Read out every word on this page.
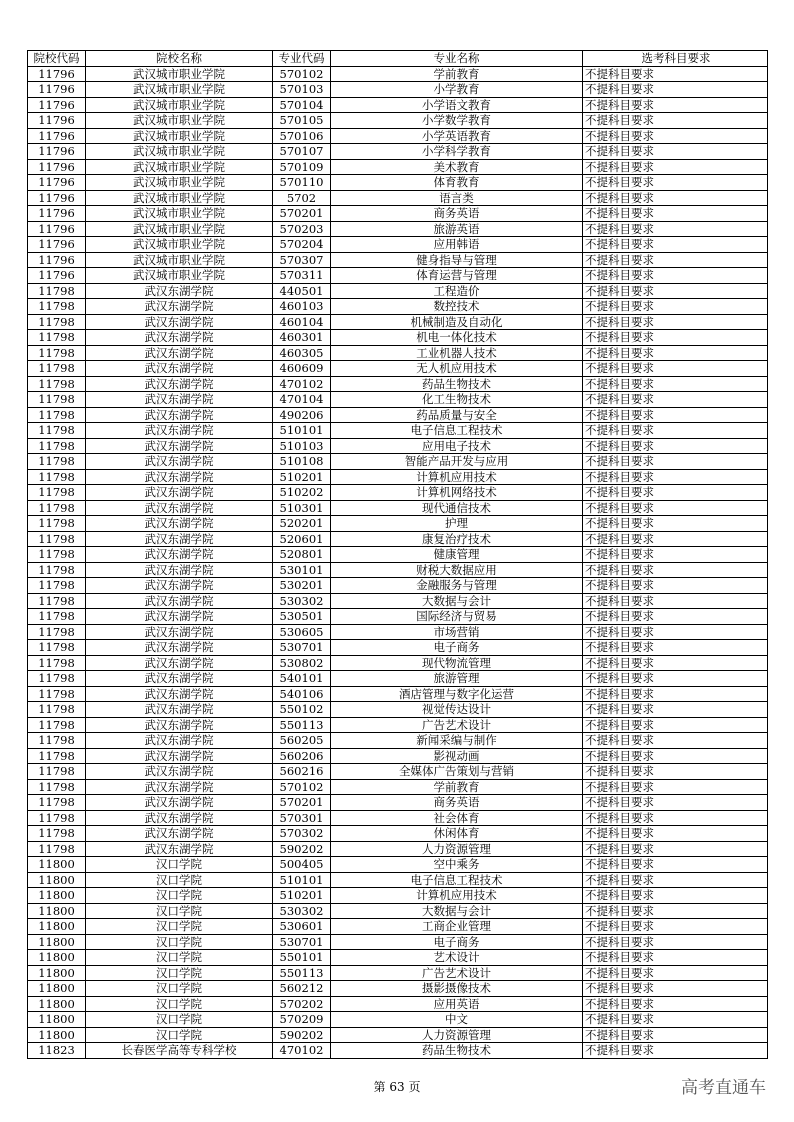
院校代码	院校名称	专业代码	专业名称	选考科目要求
11796	武汉城市职业学院	570102	学前教育	不提科目要求
11796	武汉城市职业学院	570103	小学教育	不提科目要求
11796	武汉城市职业学院	570104	小学语文教育	不提科目要求
11796	武汉城市职业学院	570105	小学数学教育	不提科目要求
11796	武汉城市职业学院	570106	小学英语教育	不提科目要求
11796	武汉城市职业学院	570107	小学科学教育	不提科目要求
11796	武汉城市职业学院	570109	美术教育	不提科目要求
11796	武汉城市职业学院	570110	体育教育	不提科目要求
11796	武汉城市职业学院	5702	语言类	不提科目要求
11796	武汉城市职业学院	570201	商务英语	不提科目要求
11796	武汉城市职业学院	570203	旅游英语	不提科目要求
11796	武汉城市职业学院	570204	应用韩语	不提科目要求
11796	武汉城市职业学院	570307	健身指导与管理	不提科目要求
11796	武汉城市职业学院	570311	体育运营与管理	不提科目要求
11798	武汉东湖学院	440501	工程造价	不提科目要求
11798	武汉东湖学院	460103	数控技术	不提科目要求
11798	武汉东湖学院	460104	机械制造及自动化	不提科目要求
11798	武汉东湖学院	460301	机电一体化技术	不提科目要求
11798	武汉东湖学院	460305	工业机器人技术	不提科目要求
11798	武汉东湖学院	460609	无人机应用技术	不提科目要求
11798	武汉东湖学院	470102	药品生物技术	不提科目要求
11798	武汉东湖学院	470104	化工生物技术	不提科目要求
11798	武汉东湖学院	490206	药品质量与安全	不提科目要求
11798	武汉东湖学院	510101	电子信息工程技术	不提科目要求
11798	武汉东湖学院	510103	应用电子技术	不提科目要求
11798	武汉东湖学院	510108	智能产品开发与应用	不提科目要求
11798	武汉东湖学院	510201	计算机应用技术	不提科目要求
11798	武汉东湖学院	510202	计算机网络技术	不提科目要求
11798	武汉东湖学院	510301	现代通信技术	不提科目要求
11798	武汉东湖学院	520201	护理	不提科目要求
11798	武汉东湖学院	520601	康复治疗技术	不提科目要求
11798	武汉东湖学院	520801	健康管理	不提科目要求
11798	武汉东湖学院	530101	财税大数据应用	不提科目要求
11798	武汉东湖学院	530201	金融服务与管理	不提科目要求
11798	武汉东湖学院	530302	大数据与会计	不提科目要求
11798	武汉东湖学院	530501	国际经济与贸易	不提科目要求
11798	武汉东湖学院	530605	市场营销	不提科目要求
11798	武汉东湖学院	530701	电子商务	不提科目要求
11798	武汉东湖学院	530802	现代物流管理	不提科目要求
11798	武汉东湖学院	540101	旅游管理	不提科目要求
11798	武汉东湖学院	540106	酒店管理与数字化运营	不提科目要求
11798	武汉东湖学院	550102	视觉传达设计	不提科目要求
11798	武汉东湖学院	550113	广告艺术设计	不提科目要求
11798	武汉东湖学院	560205	新闻采编与制作	不提科目要求
11798	武汉东湖学院	560206	影视动画	不提科目要求
11798	武汉东湖学院	560216	全媒体广告策划与营销	不提科目要求
11798	武汉东湖学院	570102	学前教育	不提科目要求
11798	武汉东湖学院	570201	商务英语	不提科目要求
11798	武汉东湖学院	570301	社会体育	不提科目要求
11798	武汉东湖学院	570302	休闲体育	不提科目要求
11798	武汉东湖学院	590202	人力资源管理	不提科目要求
11800	汉口学院	500405	空中乘务	不提科目要求
11800	汉口学院	510101	电子信息工程技术	不提科目要求
11800	汉口学院	510201	计算机应用技术	不提科目要求
11800	汉口学院	530302	大数据与会计	不提科目要求
11800	汉口学院	530601	工商企业管理	不提科目要求
11800	汉口学院	530701	电子商务	不提科目要求
11800	汉口学院	550101	艺术设计	不提科目要求
11800	汉口学院	550113	广告艺术设计	不提科目要求
11800	汉口学院	560212	摄影摄像技术	不提科目要求
11800	汉口学院	570202	应用英语	不提科目要求
11800	汉口学院	570209	中文	不提科目要求
11800	汉口学院	590202	人力资源管理	不提科目要求
11823	长春医学高等专科学校	470102	药品生物技术	不提科目要求
第 63 页	高考直通车
